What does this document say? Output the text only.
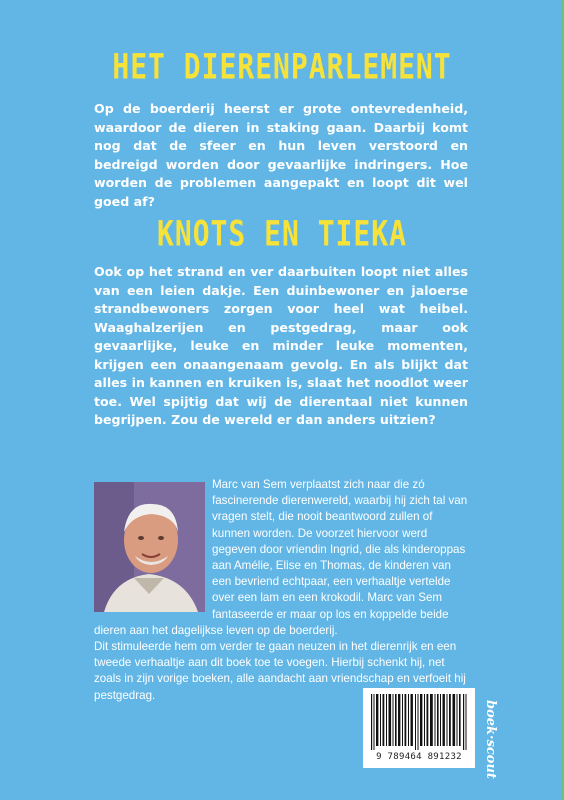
HET DIERENPARLEMENT

Op de boerderij heerst er grote ontevredenheid, waardoor de dieren in staking gaan. Daarbij komt nog dat de sfeer en hun leven verstoord en bedreigd worden door gevaarlijke indringers. Hoe worden de problemen aangepakt en loopt dit wel goed af?

KNOTS EN TIEKA

Ook op het strand en ver daarbuiten loopt niet alles van een leien dakje. Een duinbewoner en jaloerse strandbewoners zorgen voor heel wat heibel. Waaghalzerijen en pestgedrag, maar ook gevaarlijke, leuke en minder leuke momenten, krijgen een onaangenaam gevolg. En als blijkt dat alles in kannen en kruiken is, slaat het noodlot weer toe. Wel spijtig dat wij de dierentaal niet kunnen begrijpen. Zou de wereld er dan anders uitzien?

Marc van Sem verplaatst zich naar die zó fascinerende dierenwereld, waarbij hij zich tal van vragen stelt, die nooit beantwoord zullen of kunnen worden. De voorzet hiervoor werd gegeven door vriendin Ingrid, die als kinderoppas aan Amélie, Elise en Thomas, de kinderen van een bevriend echtpaar, een verhaaltje vertelde over een lam en een krokodil. Marc van Sem fantaseerde er maar op los en koppelde beide dieren aan het dagelijkse leven op de boerderij.

Dit stimuleerde hem om verder te gaan neuzen in het dierenrijk en een tweede verhaaltje aan dit boek toe te voegen. Hierbij schenkt hij, net zoals in zijn vorige boeken, alle aandacht aan vriendschap en verfoeit hij pestgedrag.

9 789464 891232	boek·scout
